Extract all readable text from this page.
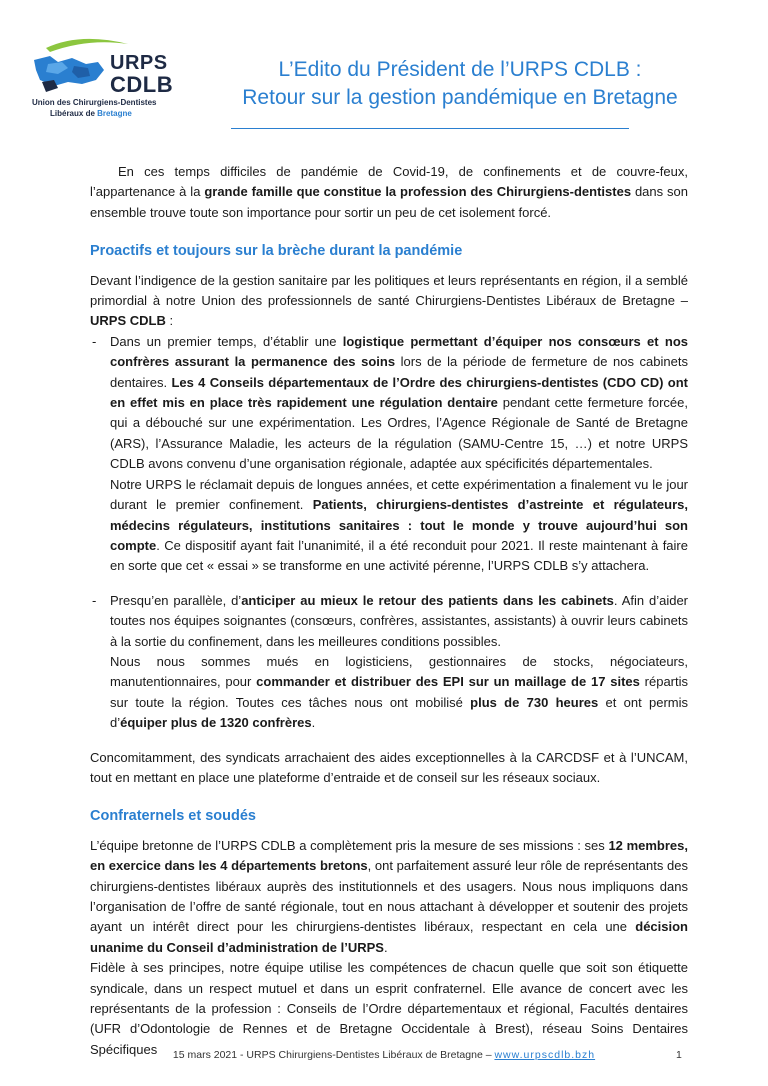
URPS
CDLB
Union des Chirurgiens-Dentistes
Libéraux de Bretagne
L’Edito du Président de l’URPS CDLB :
Retour sur la gestion pandémique en Bretagne

En ces temps difficiles de pandémie de Covid-19, de confinements et de couvre-feux, l’appartenance à la grande famille que constitue la profession des Chirurgiens-dentistes dans son ensemble trouve toute son importance pour sortir un peu de cet isolement forcé.

Proactifs et toujours sur la brèche durant la pandémie

Devant l’indigence de la gestion sanitaire par les politiques et leurs représentants en région, il a semblé primordial à notre Union des professionnels de santé Chirurgiens-Dentistes Libéraux de Bretagne – URPS CDLB :

- Dans un premier temps, d’établir une logistique permettant d’équiper nos consœurs et nos confrères assurant la permanence des soins lors de la période de fermeture de nos cabinets dentaires. Les 4 Conseils départementaux de l’Ordre des chirurgiens-dentistes (CDO CD) ont en effet mis en place très rapidement une régulation dentaire pendant cette fermeture forcée, qui a débouché sur une expérimentation. Les Ordres, l’Agence Régionale de Santé de Bretagne (ARS), l’Assurance Maladie, les acteurs de la régulation (SAMU-Centre 15, …) et notre URPS CDLB avons convenu d’une organisation régionale, adaptée aux spécificités départementales.

Notre URPS le réclamait depuis de longues années, et cette expérimentation a finalement vu le jour durant le premier confinement. Patients, chirurgiens-dentistes d’astreinte et régulateurs, médecins régulateurs, institutions sanitaires : tout le monde y trouve aujourd’hui son compte. Ce dispositif ayant fait l’unanimité, il a été reconduit pour 2021. Il reste maintenant à faire en sorte que cet « essai » se transforme en une activité pérenne, l’URPS CDLB s’y attachera.

- Presqu’en parallèle, d’anticiper au mieux le retour des patients dans les cabinets. Afin d’aider toutes nos équipes soignantes (consœurs, confrères, assistantes, assistants) à ouvrir leurs cabinets à la sortie du confinement, dans les meilleures conditions possibles.

Nous nous sommes mués en logisticiens, gestionnaires de stocks, négociateurs, manutentionnaires, pour commander et distribuer des EPI sur un maillage de 17 sites répartis sur toute la région. Toutes ces tâches nous ont mobilisé plus de 730 heures et ont permis d’équiper plus de 1320 confrères.

Concomitamment, des syndicats arrachaient des aides exceptionnelles à la CARCDSF et à l’UNCAM, tout en mettant en place une plateforme d’entraide et de conseil sur les réseaux sociaux.

Confraternels et soudés

L’équipe bretonne de l’URPS CDLB a complètement pris la mesure de ses missions : ses 12 membres, en exercice dans les 4 départements bretons, ont parfaitement assuré leur rôle de représentants des chirurgiens-dentistes libéraux auprès des institutionnels et des usagers. Nous nous impliquons dans l’organisation de l’offre de santé régionale, tout en nous attachant à développer et soutenir des projets ayant un intérêt direct pour les chirurgiens-dentistes libéraux, respectant en cela une décision unanime du Conseil d’administration de l’URPS.

Fidèle à ses principes, notre équipe utilise les compétences de chacun quelle que soit son étiquette syndicale, dans un respect mutuel et dans un esprit confraternel. Elle avance de concert avec les représentants de la profession : Conseils de l’Ordre départementaux et régional, Facultés dentaires (UFR d’Odontologie de Rennes et de Bretagne Occidentale à Brest), réseau Soins Dentaires Spécifiques	15 mars 2021 - URPS Chirurgiens-Dentistes Libéraux de Bretagne – www.urpscdlb.bzh	1
